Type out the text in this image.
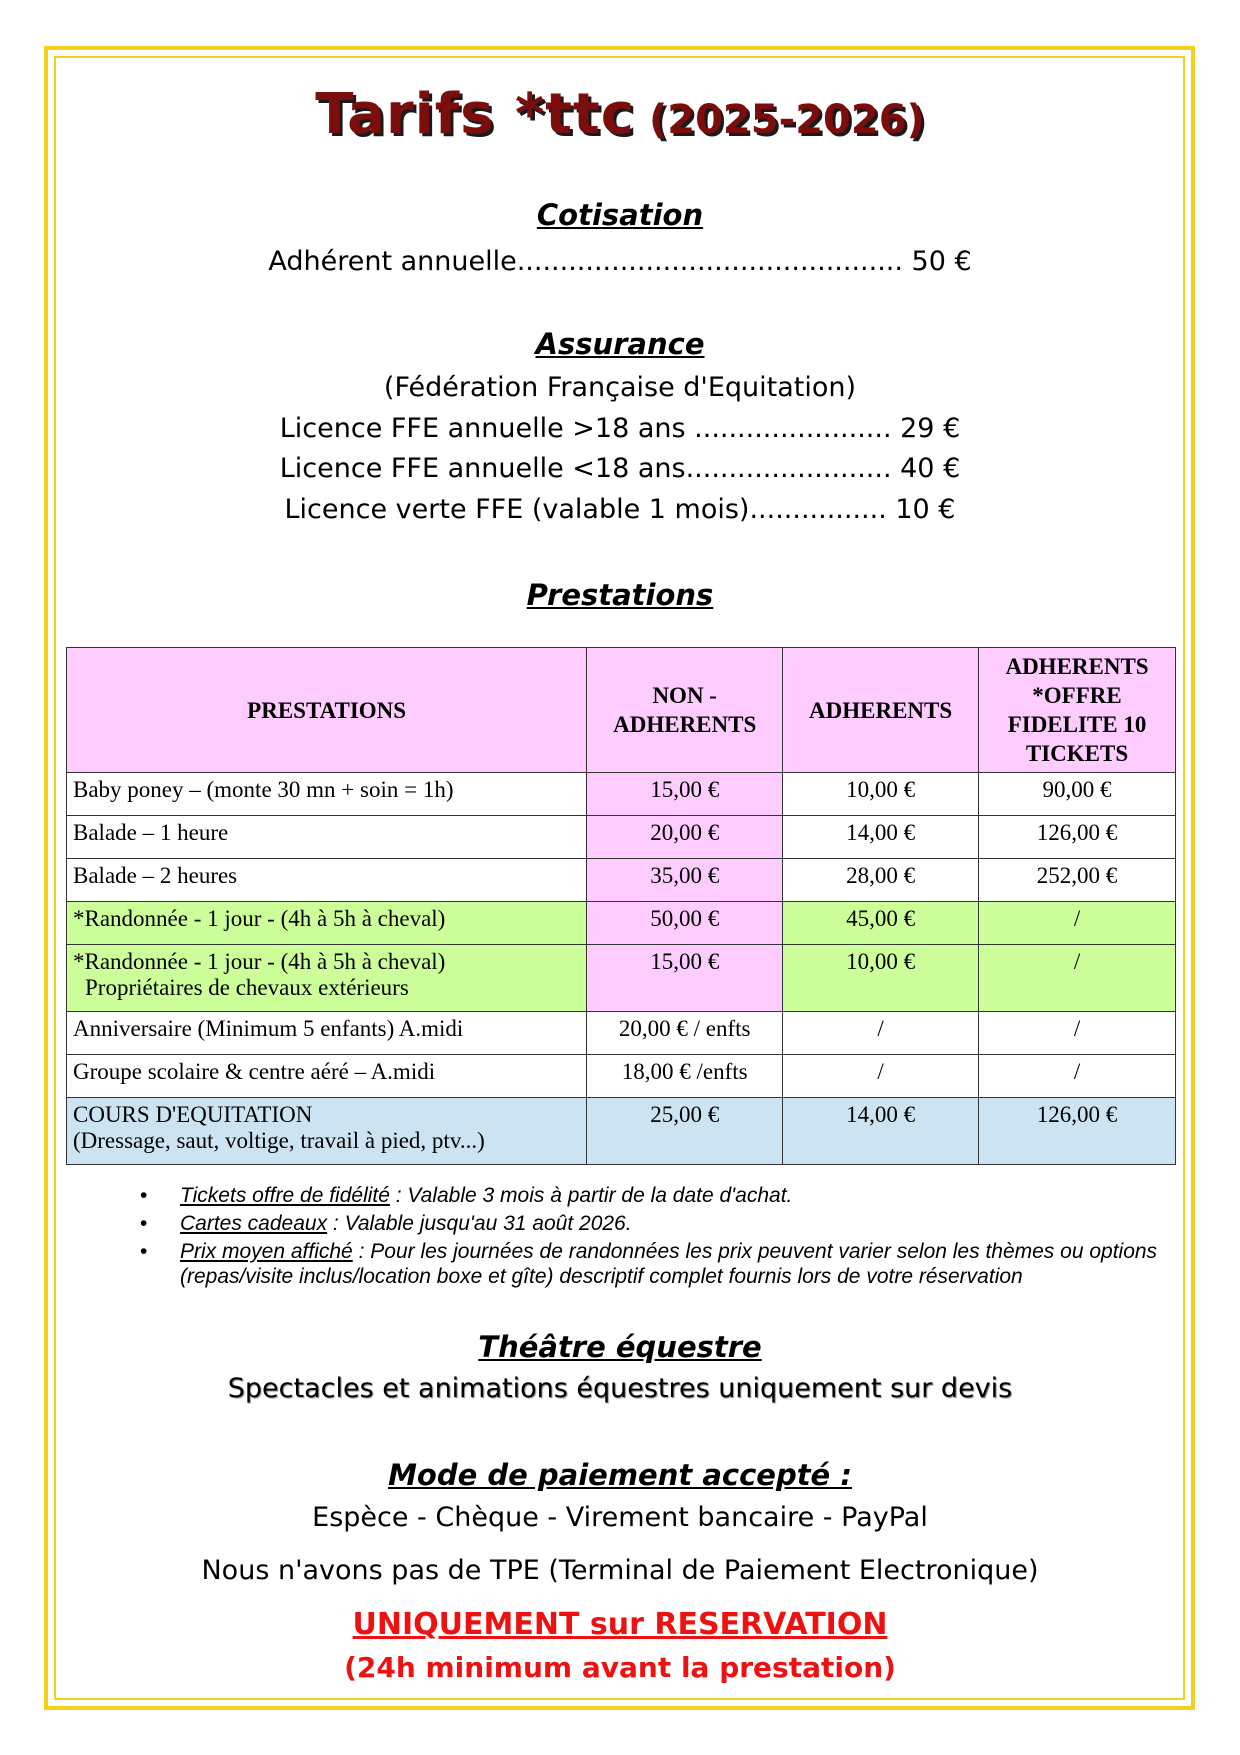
Tarifs *ttc (2025-2026)
Cotisation
Adhérent annuelle............................................. 50 €
Assurance
(Fédération Française d'Equitation)
Licence FFE annuelle >18 ans ....................... 29 €
Licence FFE annuelle <18 ans........................ 40 €
Licence verte FFE (valable 1 mois)................ 10 €
Prestations
PRESTATIONS	NON - ADHERENTS	ADHERENTS	ADHERENTS *OFFRE FIDELITE 10 TICKETS

Baby poney – (monte 30 mn + soin = 1h)	15,00 €	10,00 €	90,00 €

Balade – 1 heure	20,00 €	14,00 €	126,00 €

Balade – 2 heures	35,00 €	28,00 €	252,00 €

*Randonnée - 1 jour - (4h à 5h à cheval)	50,00 €	45,00 €	/

*Randonnée - 1 jour - (4h à 5h à cheval)
Propriétaires de chevaux extérieurs	15,00 €	10,00 €	/

Anniversaire (Minimum 5 enfants) A.midi	20,00 € / enfts	/	/

Groupe scolaire & centre aéré – A.midi	18,00 € /enfts	/	/

COURS D'EQUITATION
(Dressage, saut, voltige, travail à pied, ptv...)	25,00 €	14,00 €	126,00 €
• Tickets offre de fidélité : Valable 3 mois à partir de la date d'achat.
• Cartes cadeaux : Valable jusqu'au 31 août 2026.
• Prix moyen affiché : Pour les journées de randonnées les prix peuvent varier selon les thèmes ou options (repas/visite inclus/location boxe et gîte) descriptif complet fournis lors de votre réservation
Théâtre équestre
Spectacles et animations équestres uniquement sur devis
Mode de paiement accepté :
Espèce - Chèque - Virement bancaire - PayPal
Nous n'avons pas de TPE (Terminal de Paiement Electronique)
UNIQUEMENT sur RESERVATION
(24h minimum avant la prestation)
